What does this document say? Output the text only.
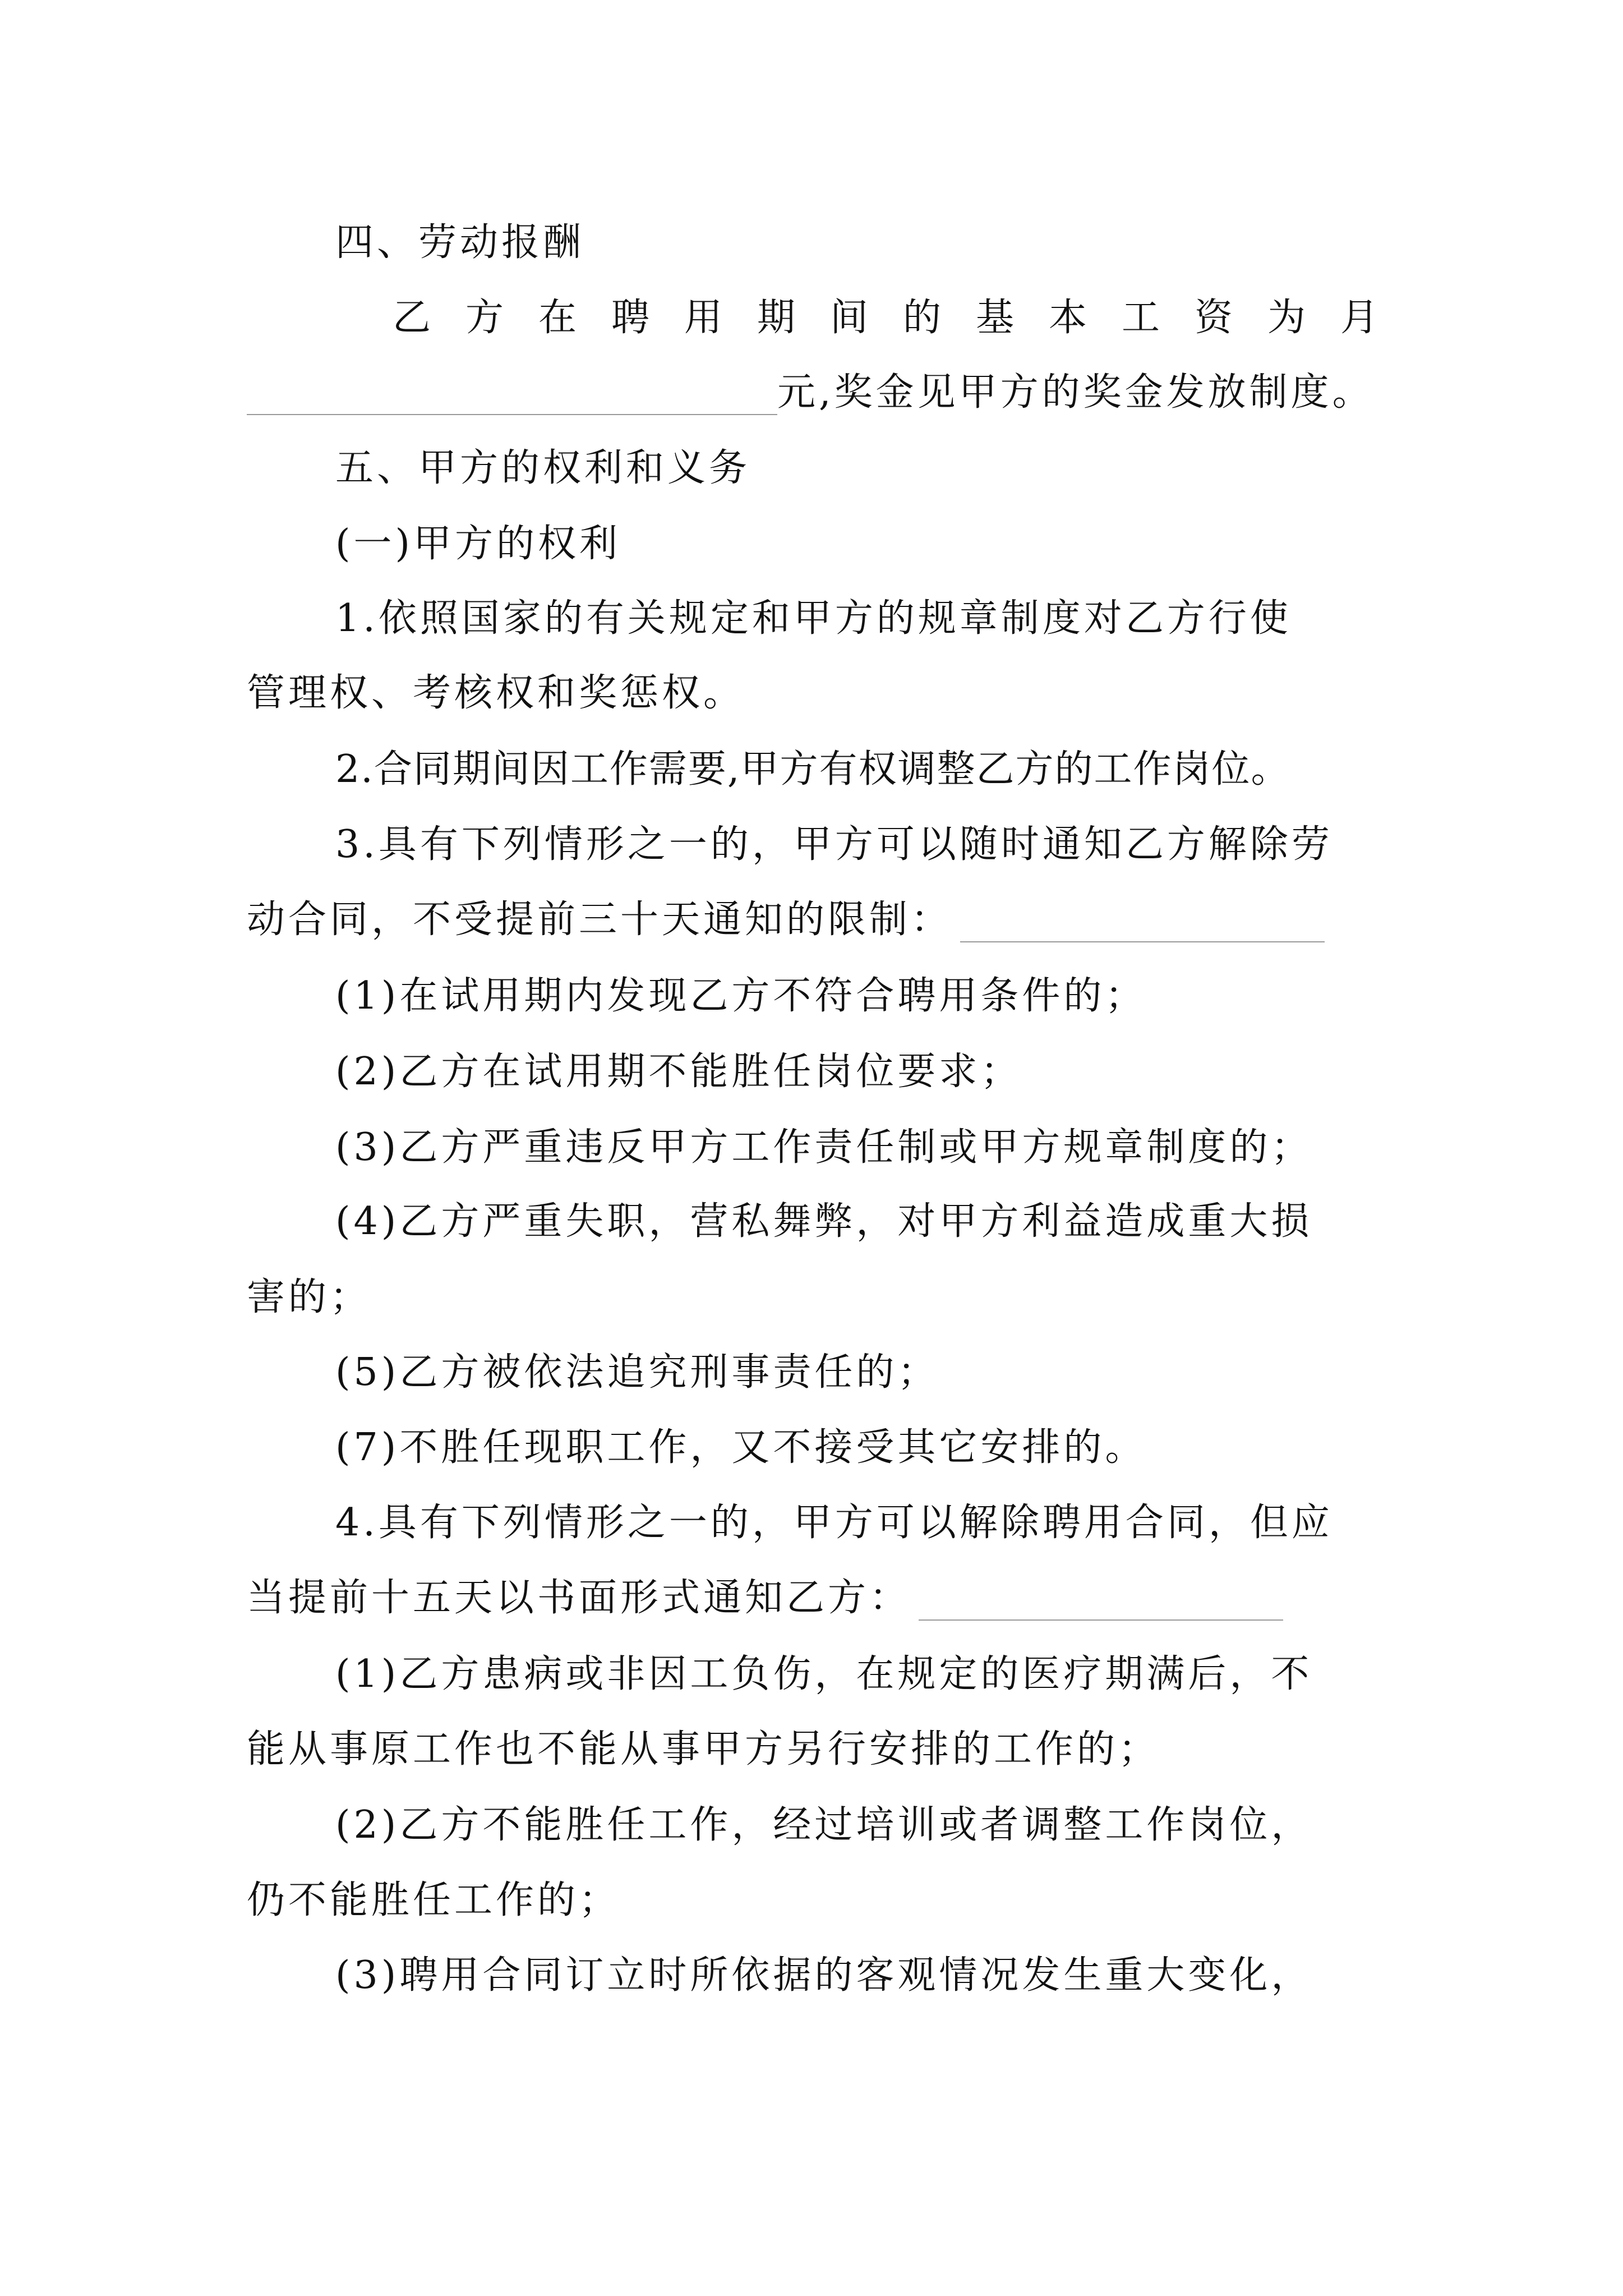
四、劳动报酬
乙方在聘用期间的基本工资为月
元,奖金见甲方的奖金发放制度。
五、甲方的权利和义务
(一)甲方的权利
1.依照国家的有关规定和甲方的规章制度对乙方行使
管理权、考核权和奖惩权。
2.合同期间因工作需要,甲方有权调整乙方的工作岗位。
3.具有下列情形之一的，甲方可以随时通知乙方解除劳
动合同，不受提前三十天通知的限制：
(1)在试用期内发现乙方不符合聘用条件的；
(2)乙方在试用期不能胜任岗位要求；
(3)乙方严重违反甲方工作责任制或甲方规章制度的；
(4)乙方严重失职，营私舞弊，对甲方利益造成重大损
害的；
(5)乙方被依法追究刑事责任的；
(7)不胜任现职工作，又不接受其它安排的。
4.具有下列情形之一的，甲方可以解除聘用合同，但应
当提前十五天以书面形式通知乙方：
(1)乙方患病或非因工负伤，在规定的医疗期满后，不
能从事原工作也不能从事甲方另行安排的工作的；
(2)乙方不能胜任工作，经过培训或者调整工作岗位，
仍不能胜任工作的；
(3)聘用合同订立时所依据的客观情况发生重大变化，
